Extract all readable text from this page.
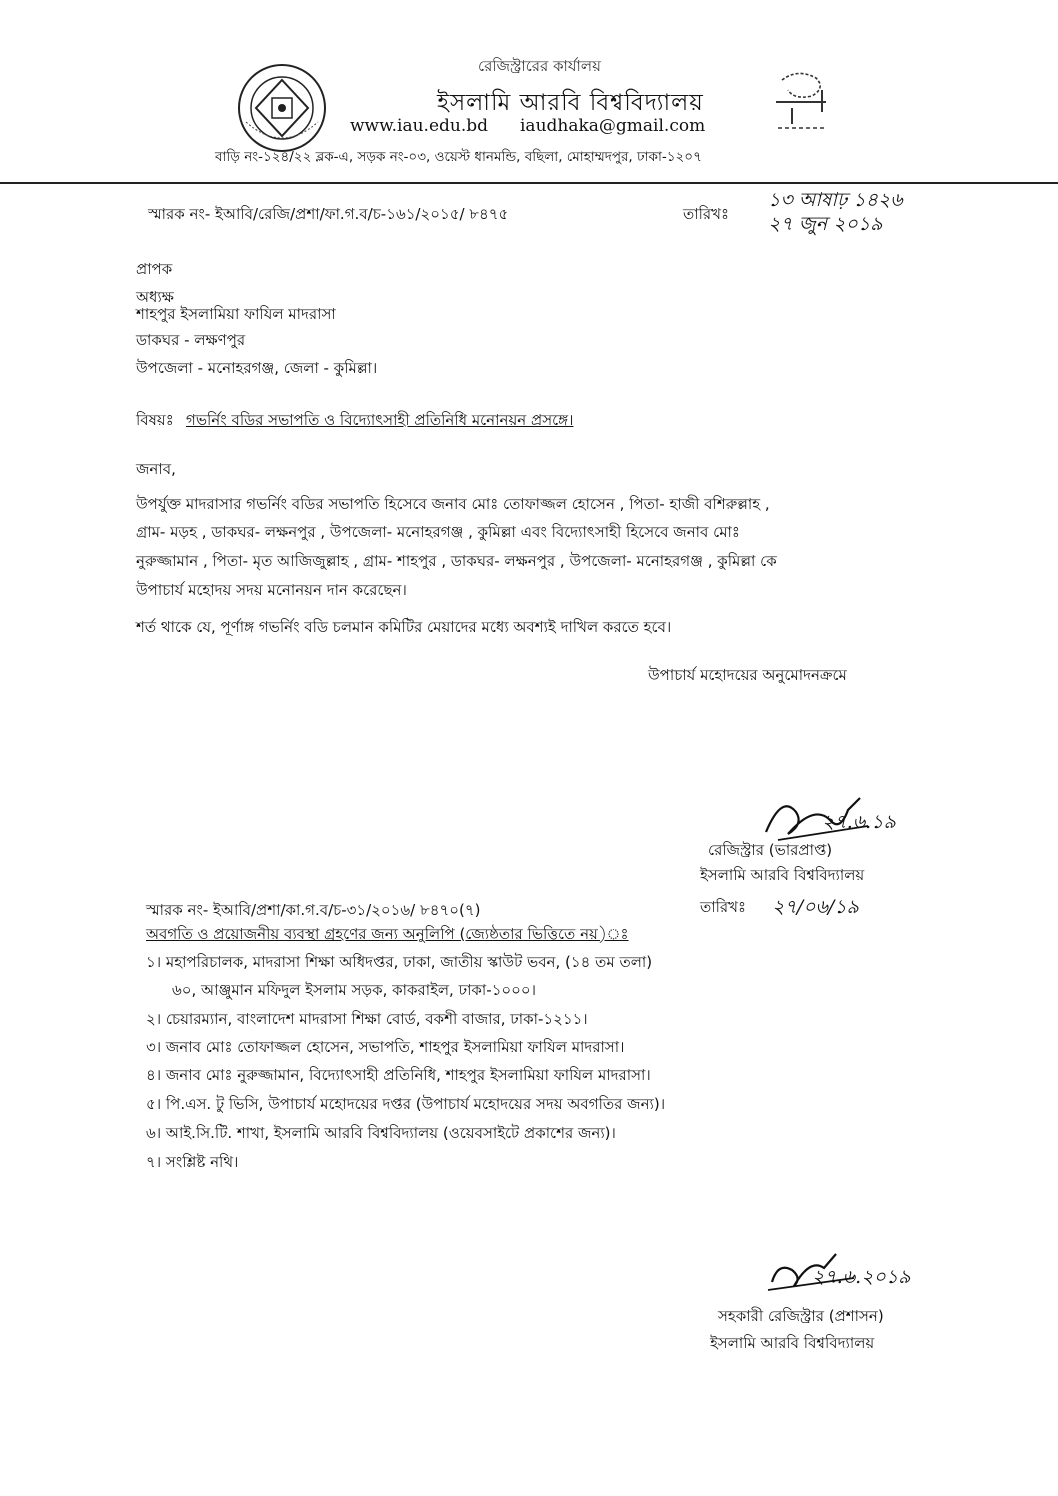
রেজিস্ট্রারের কার্যালয়
ইসলামি আরবি বিশ্ববিদ্যালয়
www.iau.edu.bd iaudhaka@gmail.com
বাড়ি নং-১২৪/২২ ব্লক-এ, সড়ক নং-০৩, ওয়েস্ট ধানমন্ডি, বছিলা, মোহাম্মদপুর, ঢাকা-১২০৭
স্মারক নং- ইআবি/রেজি/প্রশা/ফা.গ.ব/চ-১৬১/২০১৫/ ৮৪৭৫	তারিখঃ
১৩ আষাঢ় ১৪২৬
২৭ জুন ২০১৯
প্রাপক
অধ্যক্ষ
শাহপুর ইসলামিয়া ফাযিল মাদরাসা
ডাকঘর - লক্ষণপুর
উপজেলা - মনোহরগঞ্জ, জেলা - কুমিল্লা।
বিষয়ঃ গভর্নিং বডির সভাপতি ও বিদ্যোৎসাহী প্রতিনিধি মনোনয়ন প্রসঙ্গে।
জনাব,
উপর্যুক্ত মাদরাসার গভর্নিং বডির সভাপতি হিসেবে জনাব মোঃ তোফাজ্জল হোসেন , পিতা- হাজী বশিরুল্লাহ ,
গ্রাম- মড়হ , ডাকঘর- লক্ষনপুর , উপজেলা- মনোহরগঞ্জ , কুমিল্লা এবং বিদ্যোৎসাহী হিসেবে জনাব মোঃ
নুরুজ্জামান , পিতা- মৃত আজিজুল্লাহ , গ্রাম- শাহপুর , ডাকঘর- লক্ষনপুর , উপজেলা- মনোহরগঞ্জ , কুমিল্লা কে
উপাচার্য মহোদয় সদয় মনোনয়ন দান করেছেন।
শর্ত থাকে যে, পূর্ণাঙ্গ গভর্নিং বডি চলমান কমিটির মেয়াদের মধ্যে অবশ্যই দাখিল করতে হবে।
উপাচার্য মহোদয়ের অনুমোদনক্রমে
২৭.৬.১৯
রেজিস্ট্রার (ভারপ্রাপ্ত)
ইসলামি আরবি বিশ্ববিদ্যালয়
স্মারক নং- ইআবি/প্রশা/কা.গ.ব/চ-৩১/২০১৬/ ৮৪৭০(৭)	তারিখঃ ২৭/০৬/১৯
অবগতি ও প্রয়োজনীয় ব্যবস্থা গ্রহণের জন্য অনুলিপি (জ্যেষ্ঠতার ভিত্তিতে নয়)ঃ
১। মহাপরিচালক, মাদরাসা শিক্ষা অধিদপ্তর, ঢাকা, জাতীয় স্কাউট ভবন, (১৪ তম তলা)
৬০, আঞ্জুমান মফিদুল ইসলাম সড়ক, কাকরাইল, ঢাকা-১০০০।
২। চেয়ারম্যান, বাংলাদেশ মাদরাসা শিক্ষা বোর্ড, বকশী বাজার, ঢাকা-১২১১।
৩। জনাব মোঃ তোফাজ্জল হোসেন, সভাপতি, শাহপুর ইসলামিয়া ফাযিল মাদরাসা।
৪। জনাব মোঃ নুরুজ্জামান, বিদ্যোৎসাহী প্রতিনিধি, শাহপুর ইসলামিয়া ফাযিল মাদরাসা।
৫। পি.এস. টু ভিসি, উপাচার্য মহোদয়ের দপ্তর (উপাচার্য মহোদয়ের সদয় অবগতির জন্য)।
৬। আই.সি.টি. শাখা, ইসলামি আরবি বিশ্ববিদ্যালয় (ওয়েবসাইটে প্রকাশের জন্য)।
৭। সংশ্লিষ্ট নথি।
২৭.৬.২০১৯
সহকারী রেজিস্ট্রার (প্রশাসন)
ইসলামি আরবি বিশ্ববিদ্যালয়
